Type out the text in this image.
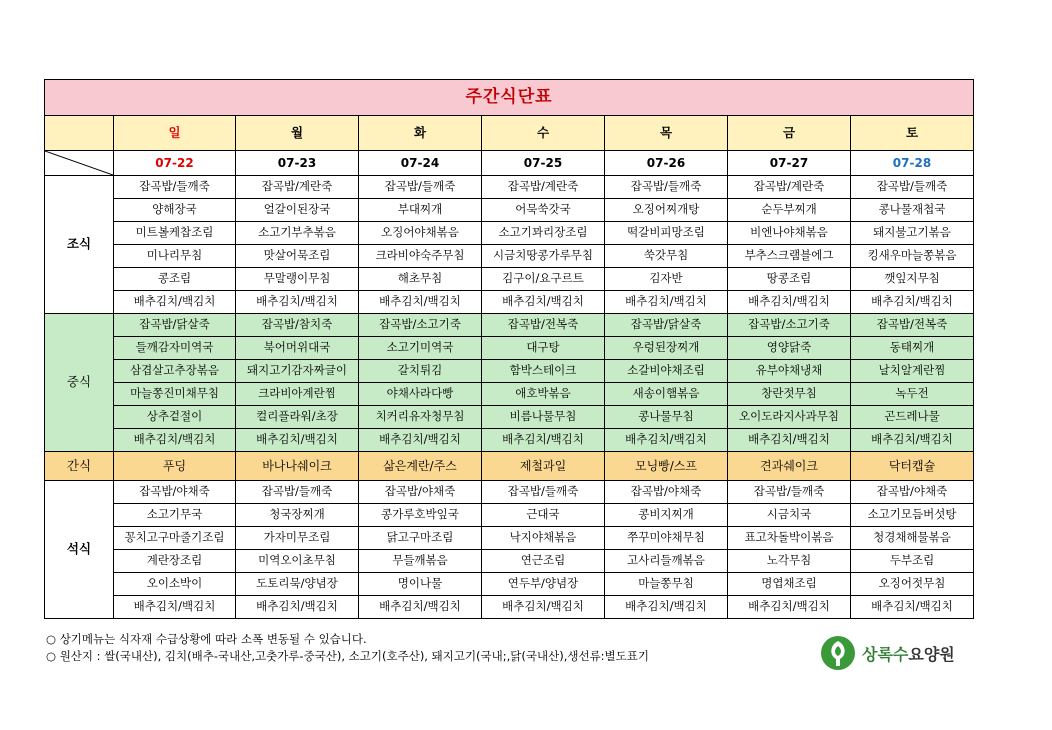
주간식단표							
	일	월	화	수	목	금	토

	07-22	07-23	07-24	07-25	07-26	07-27	07-28
조식	잡곡밥/들깨죽	잡곡밥/계란죽	잡곡밥/들깨죽	잡곡밥/계란죽	잡곡밥/들깨죽	잡곡밥/계란죽	잡곡밥/들깨죽
	양해장국	얼갈이된장국	부대찌개	어묵쑥갓국	오징어찌개탕	순두부찌개	콩나물재첩국
	미트볼케찹조림	소고기부추볶음	오징어야채볶음	소고기꽈리장조림	떡갈비피망조림	비엔나야채볶음	돼지불고기볶음
	미나리무침	맛살어묵조림	크라비야숙주무침	시금치땅콩가루무침	쑥갓무침	부추스크램블에그	킹새우마늘쫑볶음
	콩조림	무말랭이무침	해초무침	김구이/요구르트	김자반	땅콩조림	깻잎지무침
	배추김치/백김치	배추김치/백김치	배추김치/백김치	배추김치/백김치	배추김치/백김치	배추김치/백김치	배추김치/백김치
중식	잡곡밥/닭살죽	잡곡밥/참치죽	잡곡밥/소고기죽	잡곡밥/전복죽	잡곡밥/닭살죽	잡곡밥/소고기죽	잡곡밥/전복죽
	들깨감자미역국	북어머위대국	소고기미역국	대구탕	우렁된장찌개	영양닭죽	동태찌개
	삼겹살고추장볶음	돼지고기감자짜글이	갈치튀김	함박스테이크	소갈비야채조림	유부야채냉채	날치알계란찜
	마늘쫑진미채무침	크라비아계란찜	야채사라다빵	애호박볶음	새송이햄볶음	창란젓무침	녹두전
	상추겉절이	컬리플라워/초장	치커리유자청무침	비름나물무침	콩나물무침	오이도라지사과무침	곤드레나물
	배추김치/백김치	배추김치/백김치	배추김치/백김치	배추김치/백김치	배추김치/백김치	배추김치/백김치	배추김치/백김치
간식	푸딩	바나나쉐이크	삶은계란/주스	제철과일	모닝빵/스프	견과쉐이크	닥터캡슐
석식	잡곡밥/야채죽	잡곡밥/들깨죽	잡곡밥/야채죽	잡곡밥/들깨죽	잡곡밥/야채죽	잡곡밥/들깨죽	잡곡밥/야채죽
	소고기무국	청국장찌개	콩가루호박잎국	근대국	콩비지찌개	시금치국	소고기모듬버섯탕
	꽁치고구마줄기조림	가자미무조림	닭고구마조림	낙지야채볶음	쭈꾸미야채무침	표고차돌박이볶음	청경채해물볶음
	계란장조림	미역오이초무침	무들깨볶음	연근조림	고사리들깨볶음	노각무침	두부조림
	오이소박이	도토리묵/양념장	명이나물	연두부/양념장	마늘쫑무침	명엽채조림	오징어젓무침
	배추김치/백김치	배추김치/백김치	배추김치/백김치	배추김치/백김치	배추김치/백김치	배추김치/백김치	배추김치/백김치
○ 상기메뉴는 식자재 수급상황에 따라 소폭 변동될 수 있습니다.
○ 원산지 : 쌀(국내산), 김치(배추-국내산,고춧가루-중국산), 소고기(호주산), 돼지고기(국내;,닭(국내산),생선류:별도표기	상록수요양원
